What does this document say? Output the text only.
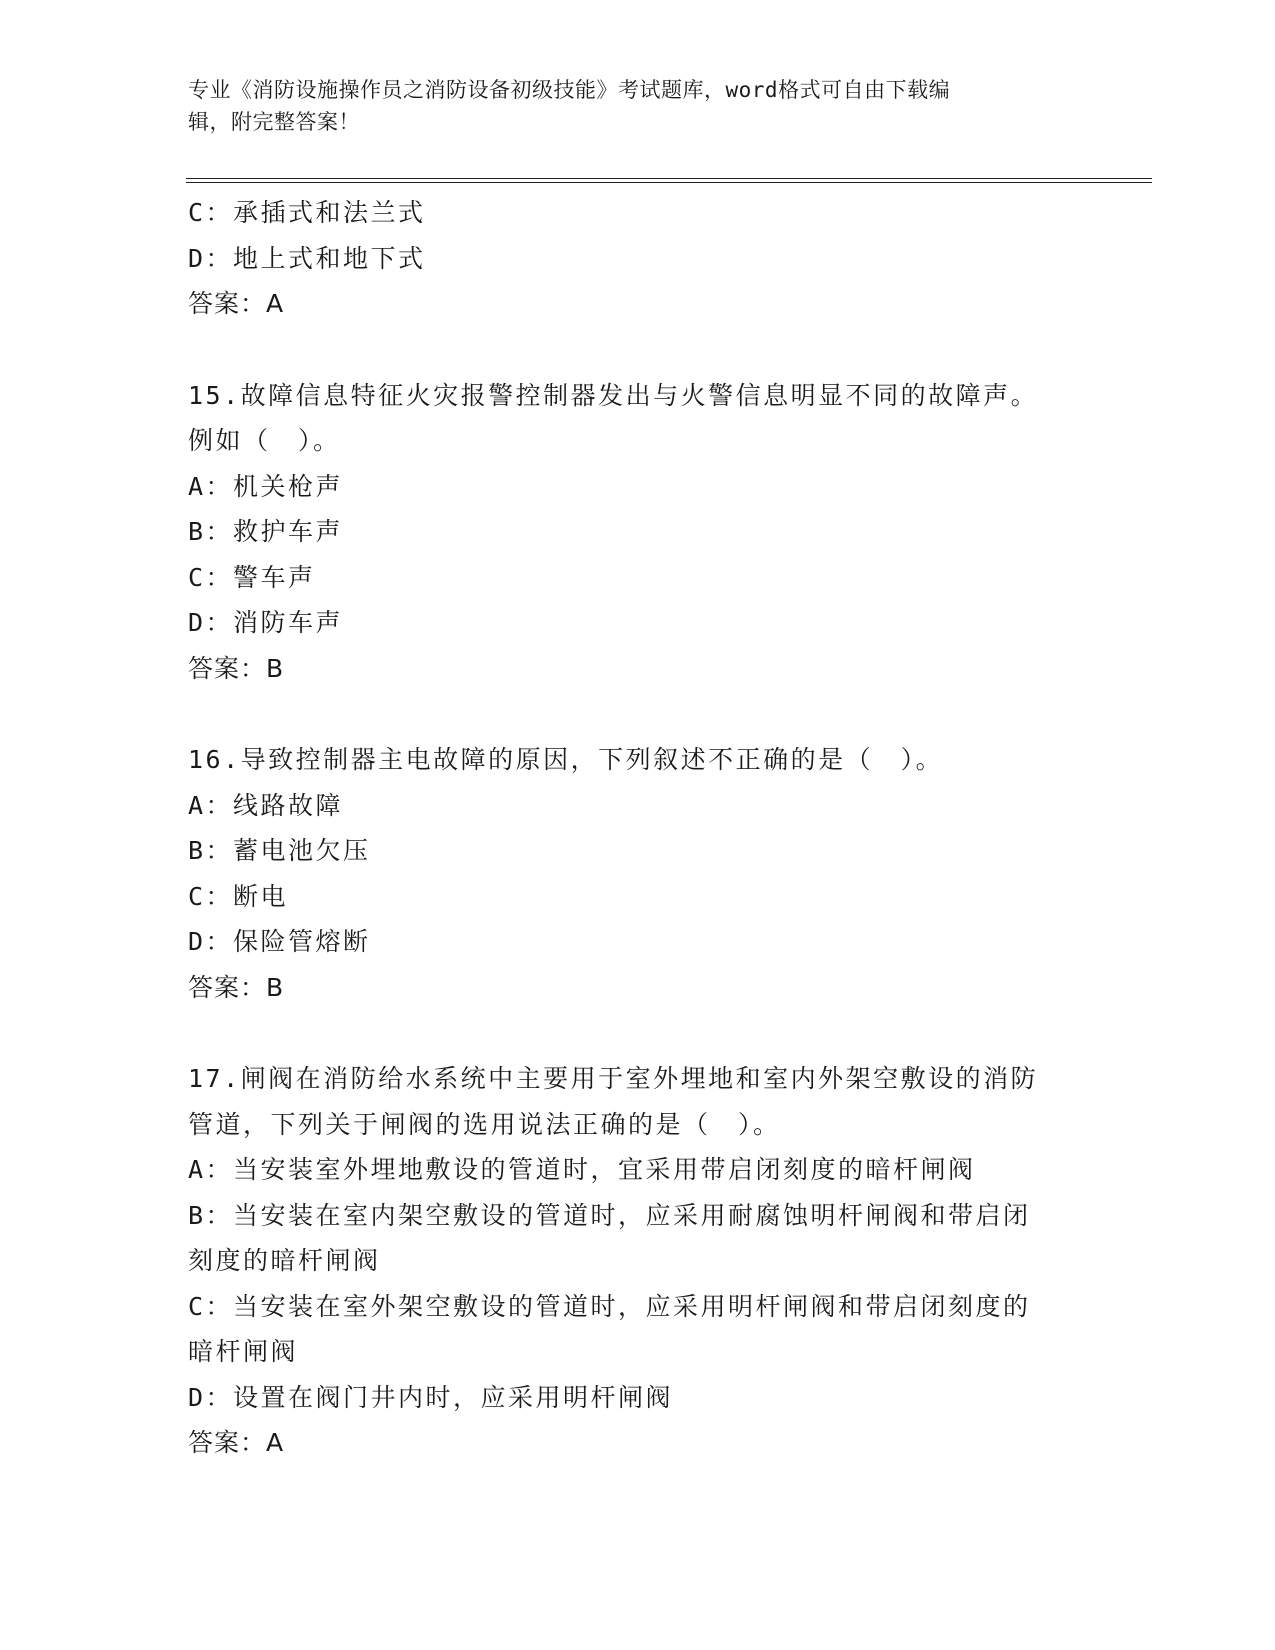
专业《消防设施操作员之消防设备初级技能》考试题库，word格式可自由下载编
辑，附完整答案！
C：承插式和法兰式
D：地上式和地下式
答案：A
15.故障信息特征火灾报警控制器发出与火警信息明显不同的故障声。
例如（　）。
A：机关枪声
B：救护车声
C：警车声
D：消防车声
答案：B
16.导致控制器主电故障的原因，下列叙述不正确的是（　）。
A：线路故障
B：蓄电池欠压
C：断电
D：保险管熔断
答案：B
17.闸阀在消防给水系统中主要用于室外埋地和室内外架空敷设的消防
管道，下列关于闸阀的选用说法正确的是（　）。
A：当安装室外埋地敷设的管道时，宜采用带启闭刻度的暗杆闸阀
B：当安装在室内架空敷设的管道时，应采用耐腐蚀明杆闸阀和带启闭
刻度的暗杆闸阀
C：当安装在室外架空敷设的管道时，应采用明杆闸阀和带启闭刻度的
暗杆闸阀
D：设置在阀门井内时，应采用明杆闸阀
答案：A
